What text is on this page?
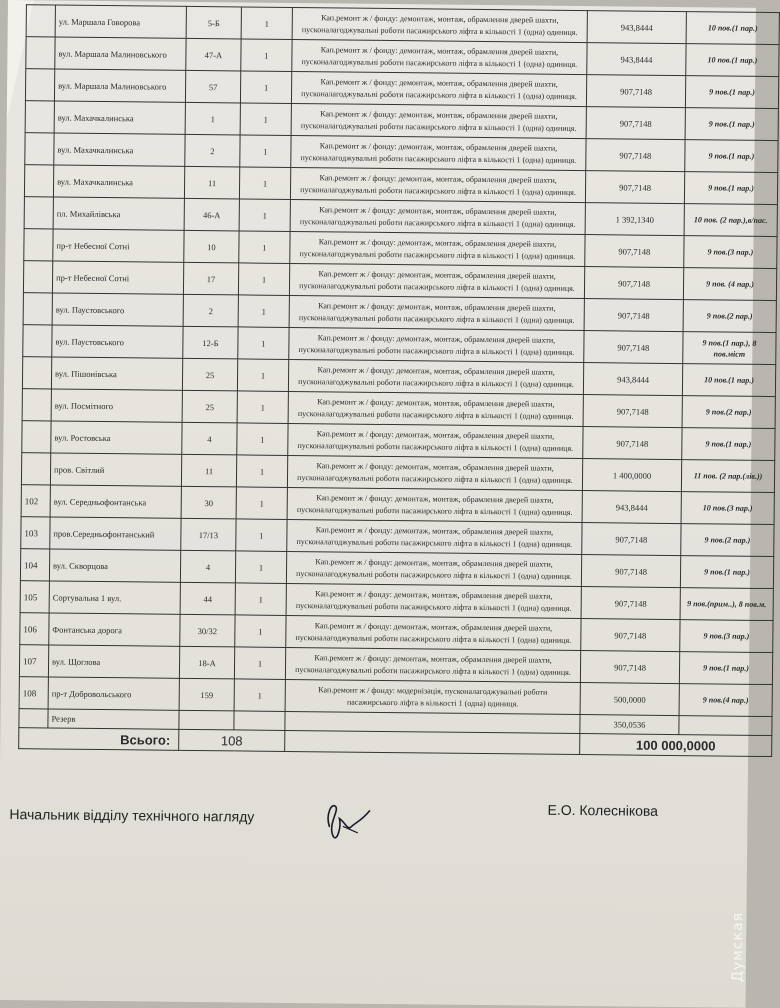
	ул. Маршала Говорова	5-Б	1	Кап.ремонт ж / фонду: демонтаж, монтаж, обрамлення дверей шахти,
пусконалагоджувальні роботи пасажирського ліфта в кількості 1 (одна) одиниця.	943,8444	10 пов.(1 пар.)
	вул. Маршала Малиновського	47-А	1	Кап.ремонт ж / фонду: демонтаж, монтаж, обрамлення дверей шахти,
пусконалагоджувальні роботи пасажирського ліфта в кількості 1 (одна) одиниця.	943,8444	10 пов.(1 пар.)
	вул. Маршала Малиновського	57	1	Кап.ремонт ж / фонду: демонтаж, монтаж, обрамлення дверей шахти,
пусконалагоджувальні роботи пасажирського ліфта в кількості 1 (одна) одиниця.	907,7148	9 пов.(1 пар.)
	вул. Махачкалинська	1	1	Кап.ремонт ж / фонду: демонтаж, монтаж, обрамлення дверей шахти,
пусконалагоджувальні роботи пасажирського ліфта в кількості 1 (одна) одиниця.	907,7148	9 пов.(1 пар.)
	вул. Махачкалинська	2	1	Кап.ремонт ж / фонду: демонтаж, монтаж, обрамлення дверей шахти,
пусконалагоджувальні роботи пасажирського ліфта в кількості 1 (одна) одиниця.	907,7148	9 пов.(1 пар.)
	вул. Махачкалинська	11	1	Кап.ремонт ж / фонду: демонтаж, монтаж, обрамлення дверей шахти,
пусконалагоджувальні роботи пасажирського ліфта в кількості 1 (одна) одиниця.	907,7148	9 пов.(1 пар.)
	пл. Михайлівська	46-А	1	Кап.ремонт ж / фонду: демонтаж, монтаж, обрамлення дверей шахти,
пусконалагоджувальні роботи пасажирського ліфта в кількості 1 (одна) одиниця.	1 392,1340	10 пов. (2 пар.),в/пас.
	пр-т Небесної Сотні	10	1	Кап.ремонт ж / фонду: демонтаж, монтаж, обрамлення дверей шахти,
пусконалагоджувальні роботи пасажирського ліфта в кількості 1 (одна) одиниця.	907,7148	9 пов.(3 пар.)
	пр-т Небесної Сотні	17	1	Кап.ремонт ж / фонду: демонтаж, монтаж, обрамлення дверей шахти,
пусконалагоджувальні роботи пасажирського ліфта в кількості 1 (одна) одиниця.	907,7148	9 пов. (4 пар.)
	вул. Паустовського	2	1	Кап.ремонт ж / фонду: демонтаж, монтаж, обрамлення дверей шахти,
пусконалагоджувальні роботи пасажирського ліфта в кількості 1 (одна) одиниця.	907,7148	9 пов.(2 пар.)
	вул. Паустовського	12-Б	1	Кап.ремонт ж / фонду: демонтаж, монтаж, обрамлення дверей шахти,
пусконалагоджувальні роботи пасажирського ліфта в кількості 1 (одна) одиниця.	907,7148	9 пов.(1 пар.), 8 пов.міст
	вул. Пішонівська	25	1	Кап.ремонт ж / фонду: демонтаж, монтаж, обрамлення дверей шахти,
пусконалагоджувальні роботи пасажирського ліфта в кількості 1 (одна) одиниця.	943,8444	10 пов.(1 пар.)
	вул. Посмітного	25	1	Кап.ремонт ж / фонду: демонтаж, монтаж, обрамлення дверей шахти,
пусконалагоджувальні роботи пасажирського ліфта в кількості 1 (одна) одиниця.	907,7148	9 пов.(2 пар.)
	вул. Ростовська	4	1	Кап.ремонт ж / фонду: демонтаж, монтаж, обрамлення дверей шахти,
пусконалагоджувальні роботи пасажирського ліфта в кількості 1 (одна) одиниця.	907,7148	9 пов.(1 пар.)
	пров. Світлий	11	1	Кап.ремонт ж / фонду: демонтаж, монтаж, обрамлення дверей шахти,
пусконалагоджувальні роботи пасажирського ліфта в кількості 1 (одна) одиниця.	1 400,0000	11 пов. (2 пар.(лів.))
102	вул. Середньофонтанська	30	1	Кап.ремонт ж / фонду: демонтаж, монтаж, обрамлення дверей шахти,
пусконалагоджувальні роботи пасажирського ліфта в кількості 1 (одна) одиниця.	943,8444	10 пов.(3 пар.)
103	пров.Середньофонтанський	17/13	1	Кап.ремонт ж / фонду: демонтаж, монтаж, обрамлення дверей шахти,
пусконалагоджувальні роботи пасажирського ліфта в кількості 1 (одна) одиниця.	907,7148	9 пов.(2 пар.)
104	вул. Скворцова	4	1	Кап.ремонт ж / фонду: демонтаж, монтаж, обрамлення дверей шахти,
пусконалагоджувальні роботи пасажирського ліфта в кількості 1 (одна) одиниця.	907,7148	9 пов.(1 пар.)
105	Сортувальна 1 вул.	44	1	Кап.ремонт ж / фонду: демонтаж, монтаж, обрамлення дверей шахти,
пусконалагоджувальні роботи пасажирського ліфта в кількості 1 (одна) одиниця.	907,7148	9 пов.(прим..), 8 пов.м.
106	Фонтанська дорога	30/32	1	Кап.ремонт ж / фонду: демонтаж, монтаж, обрамлення дверей шахти,
пусконалагоджувальні роботи пасажирського ліфта в кількості 1 (одна) одиниця.	907,7148	9 пов.(3 пар.)
107	вул. Щоглова	18-А	1	Кап.ремонт ж / фонду: демонтаж, монтаж, обрамлення дверей шахти,
пусконалагоджувальні роботи пасажирського ліфта в кількості 1 (одна) одиниця.	907,7148	9 пов.(1 пар.)
108	пр-т Добровольського	159	1	Кап.ремонт ж / фонду: модернізація, пусконалагоджувальні роботи
пасажирського ліфта в кількості 1 (одна) одиниця.	500,0000	9 пов.(4 пар.)
	Резерв				350,0536	
Всього:		108			100 000,0000	
Начальник відділу технічного нагляду	Е.О. Колеснікова
Думская
